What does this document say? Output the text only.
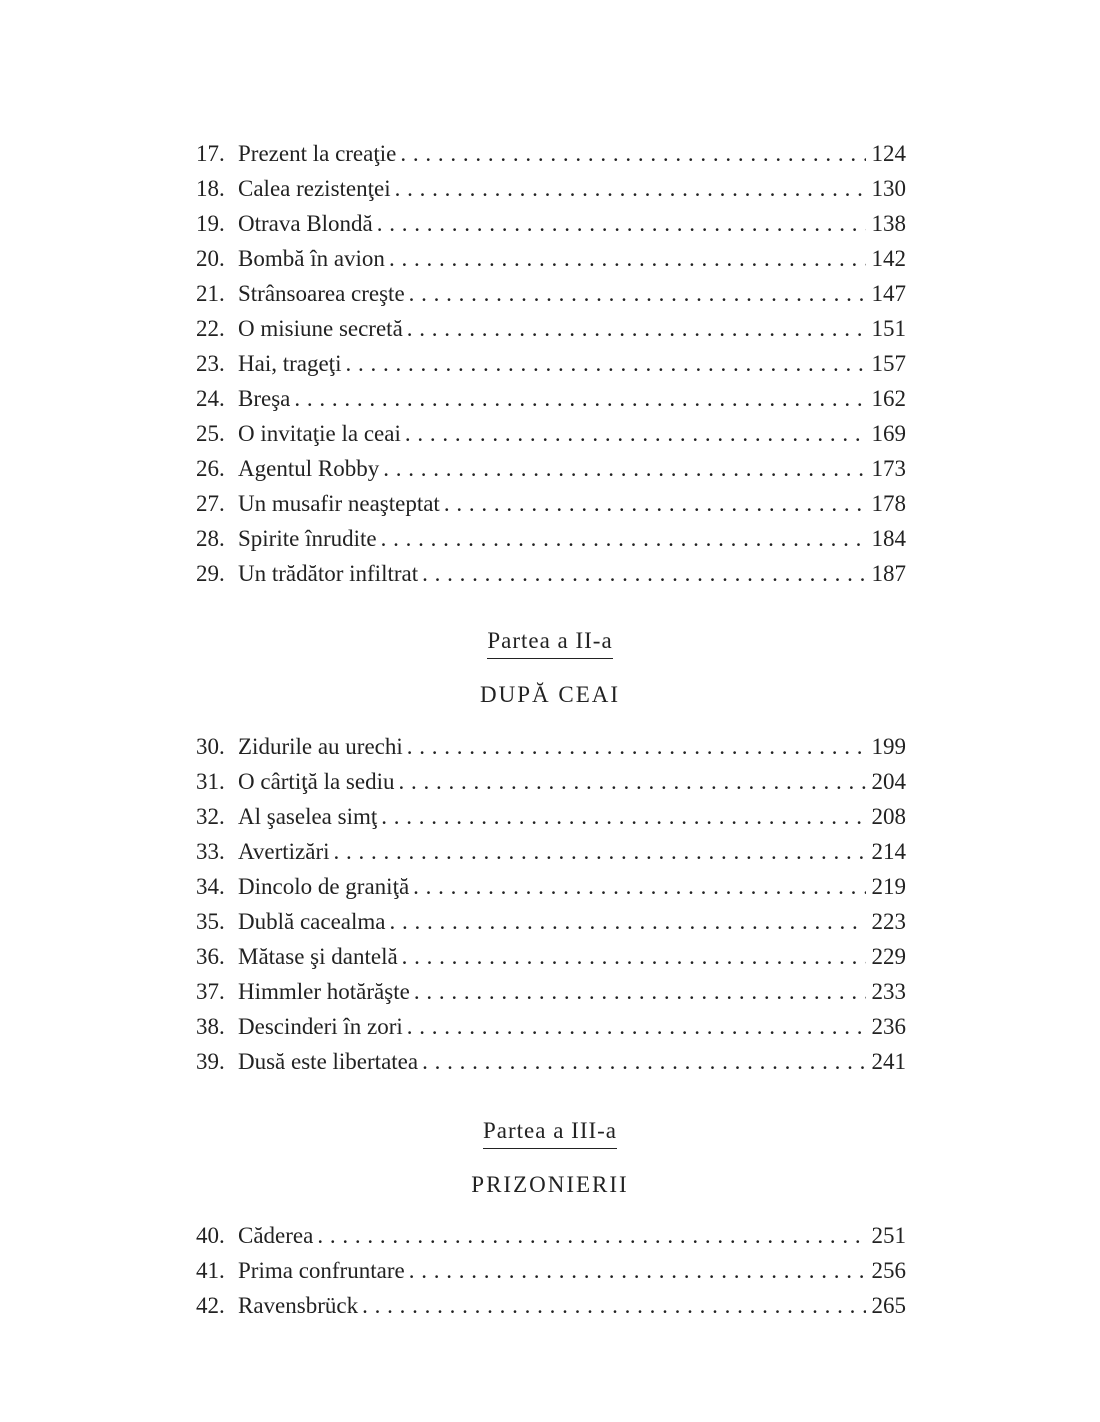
17. Prezent la creaţie . . .	124
18. Calea rezistenţei . . .	130
19. Otrava Blondă . . .	138
20. Bombă în avion . . .	142
21. Strânsoarea creşte . . .	147
22. O misiune secretă . . .	151
23. Hai, trageţi . . .	157
24. Breşa . . .	162
25. O invitaţie la ceai . . .	169
26. Agentul Robby . . .	173
27. Un musafir neaşteptat . . .	178
28. Spirite înrudite . . .	184
29. Un trădător infiltrat . . .	187
Partea a II-a
DUPĂ CEAI
30. Zidurile au urechi . . .	199
31. O cârtiţă la sediu . . .	204
32. Al şaselea simţ . . .	208
33. Avertizări . . .	214
34. Dincolo de graniţă . . .	219
35. Dublă cacealma . . .	223
36. Mătase şi dantelă . . .	229
37. Himmler hotărăşte . . .	233
38. Descinderi în zori . . .	236
39. Dusă este libertatea . . .	241
Partea a III-a
PRIZONIERII
40. Căderea . . .	251
41. Prima confruntare . . .	256
42. Ravensbrück . . .	265
